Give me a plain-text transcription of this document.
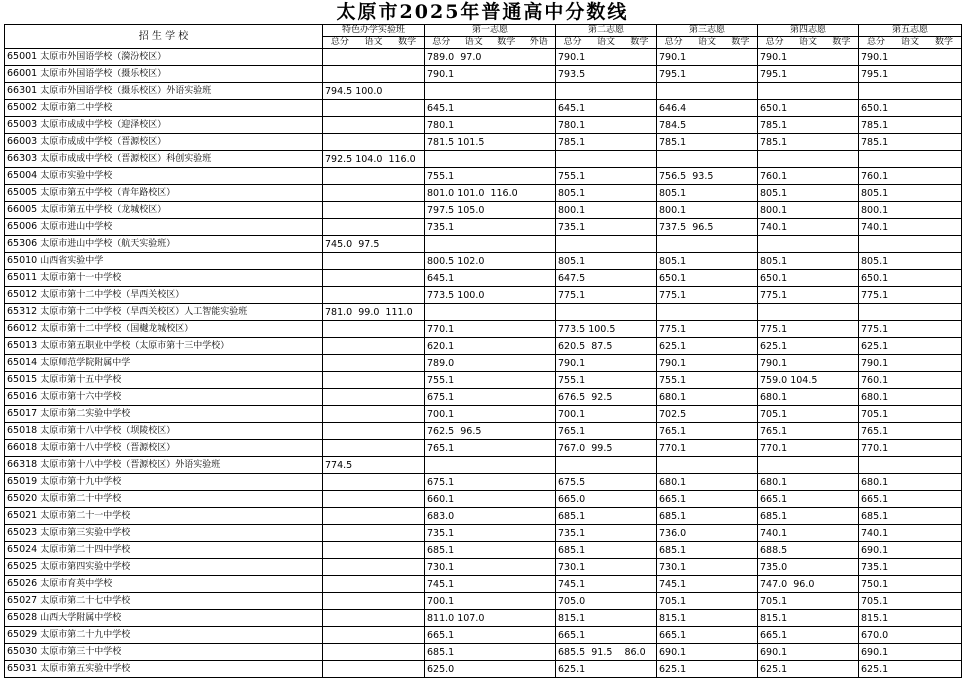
太原市2025年普通高中分数线
招 生 学 校	特色办学实验班	第一志愿	第二志愿	第三志愿	第四志愿	第五志愿

	总分 语文 数学	总分 语文 数学 外语	总分 语文 数学	总分 语文 数学	总分 语文 数学	总分 语文 数学

65001 太原市外国语学校（漪汾校区）		789.0  97.0	790.1	790.1	790.1	790.1
66001 太原市外国语学校（摄乐校区）		790.1	793.5	795.1	795.1	795.1
66301 太原市外国语学校（摄乐校区）外语实验班	794.5 100.0					
65002 太原市第二中学校		645.1	645.1	646.4	650.1	650.1
65003 太原市成成中学校（迎泽校区）		780.1	780.1	784.5	785.1	785.1
66003 太原市成成中学校（晋源校区）		781.5 101.5	785.1	785.1	785.1	785.1
66303 太原市成成中学校（晋源校区）科创实验班	792.5 104.0  116.0					
65004 太原市实验中学校		755.1	755.1	756.5  93.5	760.1	760.1
65005 太原市第五中学校（青年路校区）		801.0 101.0  116.0	805.1	805.1	805.1	805.1
66005 太原市第五中学校（龙城校区）		797.5 105.0	800.1	800.1	800.1	800.1
65006 太原市进山中学校		735.1	735.1	737.5  96.5	740.1	740.1
65306 太原市进山中学校（航天实验班）	745.0  97.5					
65010 山西省实验中学		800.5 102.0	805.1	805.1	805.1	805.1
65011 太原市第十一中学校		645.1	647.5	650.1	650.1	650.1
65012 太原市第十二中学校（旱西关校区）		773.5 100.0	775.1	775.1	775.1	775.1
65312 太原市第十二中学校（旱西关校区）人工智能实验班	781.0  99.0  111.0					
66012 太原市第十二中学校（国樾龙城校区）		770.1	773.5 100.5	775.1	775.1	775.1
65013 太原市第五职业中学校（太原市第十三中学校）		620.1	620.5  87.5	625.1	625.1	625.1
65014 太原师范学院附属中学		789.0	790.1	790.1	790.1	790.1
65015 太原市第十五中学校		755.1	755.1	755.1	759.0 104.5	760.1
65016 太原市第十六中学校		675.1	676.5  92.5	680.1	680.1	680.1
65017 太原市第二实验中学校		700.1	700.1	702.5	705.1	705.1
65018 太原市第十八中学校（坝陵校区）		762.5  96.5	765.1	765.1	765.1	765.1
66018 太原市第十八中学校（晋源校区）		765.1	767.0  99.5	770.1	770.1	770.1
66318 太原市第十八中学校（晋源校区）外语实验班	774.5					
65019 太原市第十九中学校		675.1	675.5	680.1	680.1	680.1
65020 太原市第二十中学校		660.1	665.0	665.1	665.1	665.1
65021 太原市第二十一中学校		683.0	685.1	685.1	685.1	685.1
65023 太原市第三实验中学校		735.1	735.1	736.0	740.1	740.1
65024 太原市第二十四中学校		685.1	685.1	685.1	688.5	690.1
65025 太原市第四实验中学校		730.1	730.1	730.1	735.0	735.1
65026 太原市育英中学校		745.1	745.1	745.1	747.0  96.0	750.1
65027 太原市第二十七中学校		700.1	705.0	705.1	705.1	705.1
65028 山西大学附属中学校		811.0 107.0	815.1	815.1	815.1	815.1
65029 太原市第二十九中学校		665.1	665.1	665.1	665.1	670.0
65030 太原市第三十中学校		685.1	685.5  91.5    86.0	690.1	690.1	690.1
65031 太原市第五实验中学校		625.0	625.1	625.1	625.1	625.1
